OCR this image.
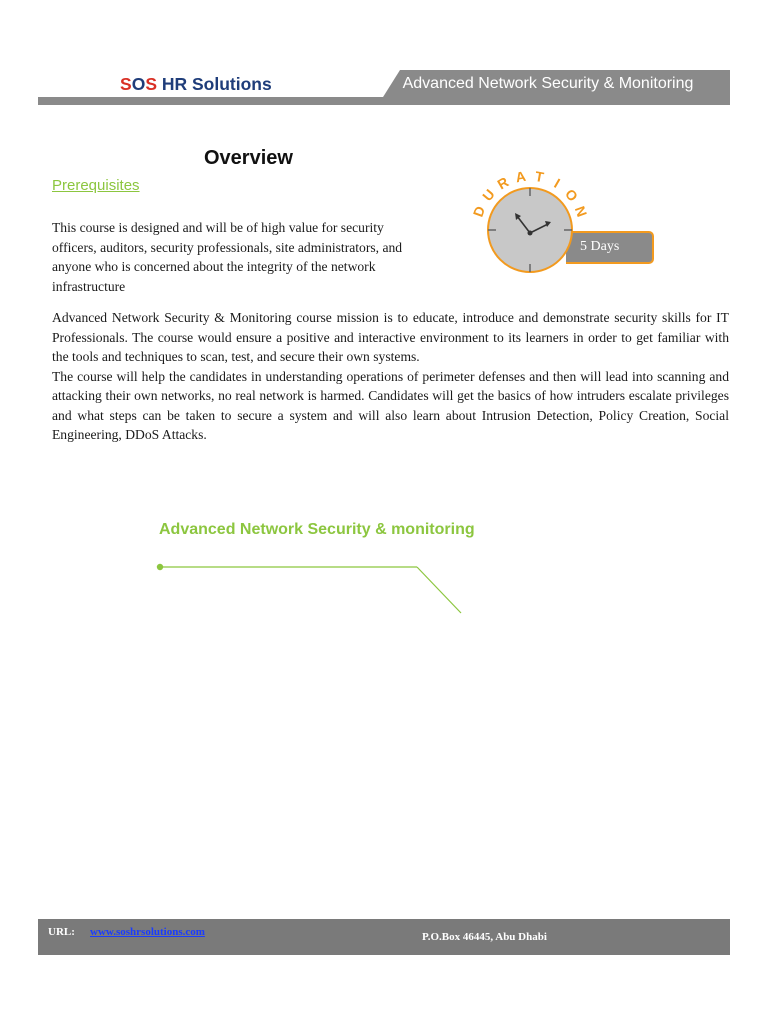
SOS HR Solutions	Advanced Network Security & Monitoring
Overview
Prerequisites
This course is designed and will be of high value for security officers, auditors, security professionals, site administrators, and anyone who is concerned about the integrity of the network infrastructure
D
U
R A T I
O
N
5 Days

Advanced Network Security & Monitoring course mission is to educate, introduce and demonstrate security skills for IT Professionals. The course would ensure a positive and interactive environment to its learners in order to get familiar with the tools and techniques to scan, test, and secure their own systems.

The course will help the candidates in understanding operations of perimeter defenses and then will lead into scanning and attacking their own networks, no real network is harmed. Candidates will get the basics of how intruders escalate privileges and what steps can be taken to secure a system and will also learn about Intrusion Detection, Policy Creation, Social Engineering, DDoS Attacks.

Advanced Network Security & monitoring
URL: www.soshrsolutions.com	P.O.Box 46445, Abu Dhabi
